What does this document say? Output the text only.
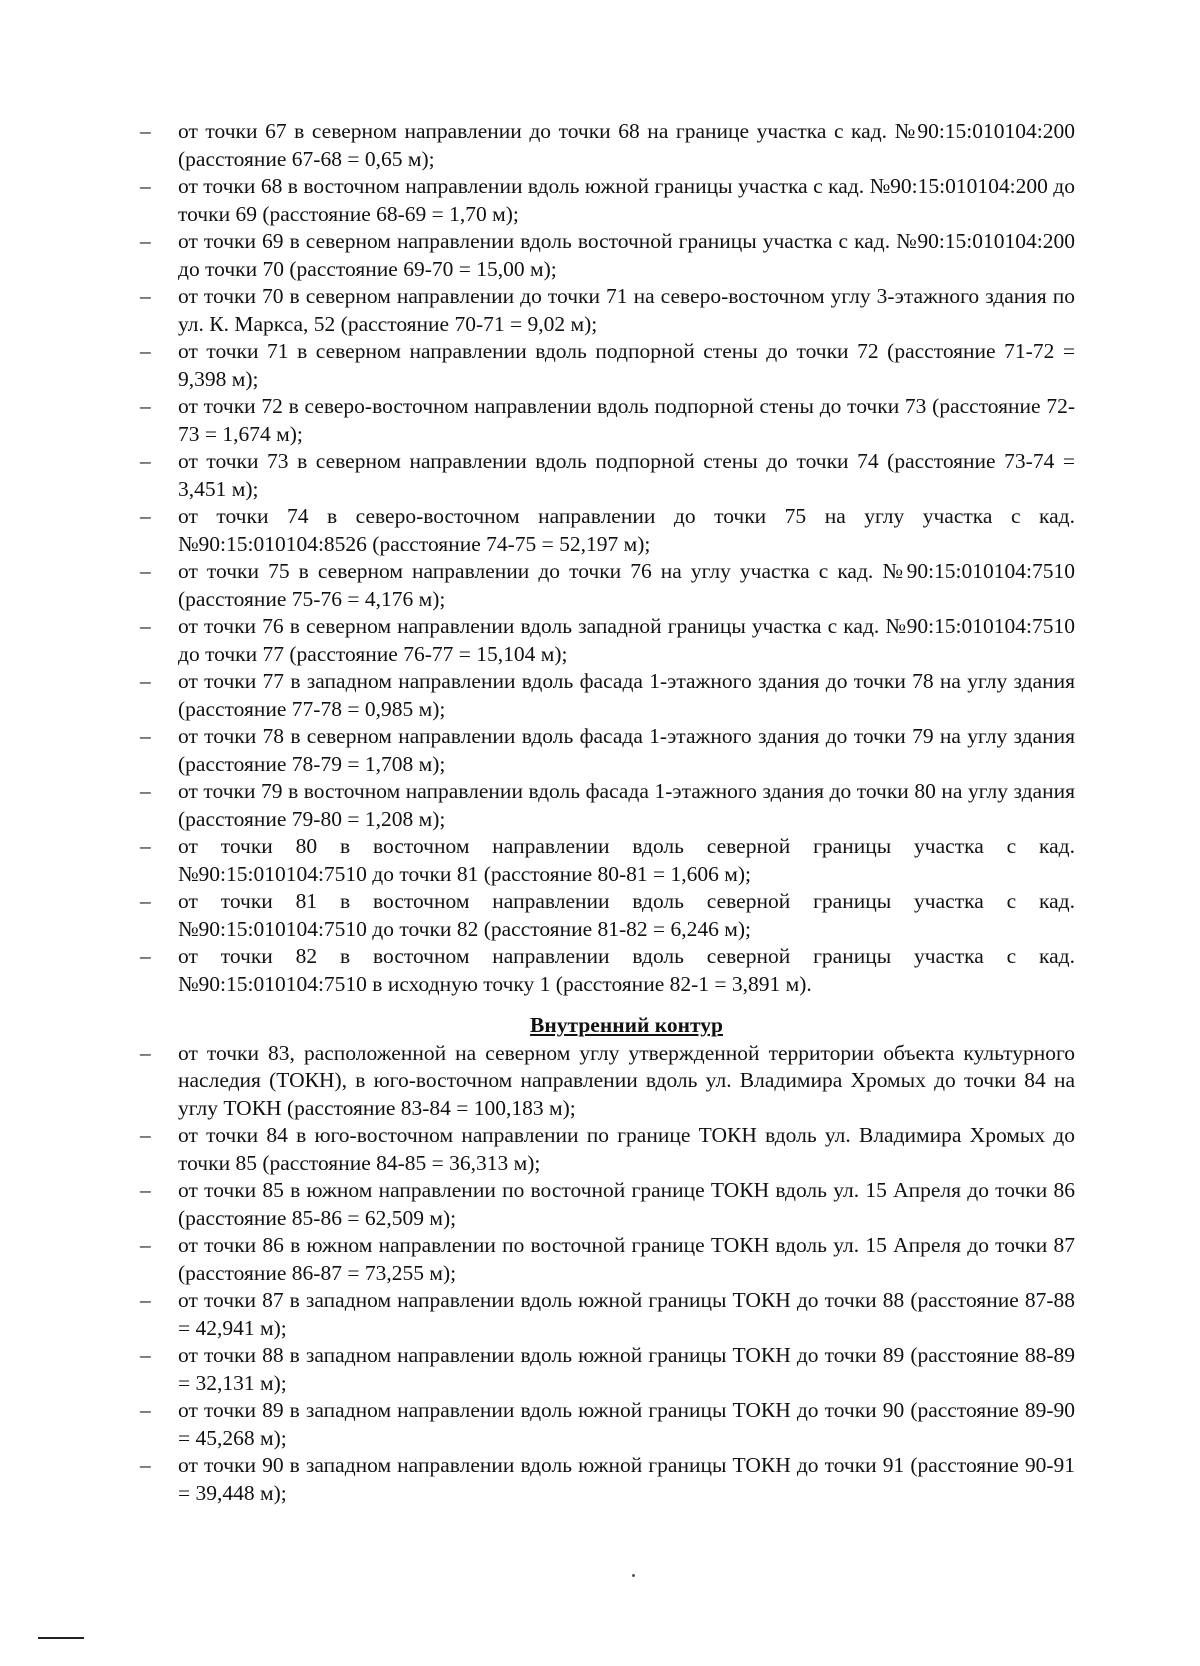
–	от точки 67 в северном направлении до точки 68 на границе участка с кад. №90:15:010104:200 (расстояние 67-68 = 0,65 м);
–	от точки 68 в восточном направлении вдоль южной границы участка с кад. №90:15:010104:200 до точки 69 (расстояние 68-69 = 1,70 м);
–	от точки 69 в северном направлении вдоль восточной границы участка с кад. №90:15:010104:200 до точки 70 (расстояние 69-70 = 15,00 м);
–	от точки 70 в северном направлении до точки 71 на северо-восточном углу 3-этажного здания по ул. К. Маркса, 52 (расстояние 70-71 = 9,02 м);
–	от точки 71 в северном направлении вдоль подпорной стены до точки 72 (расстояние 71-72 = 9,398 м);
–	от точки 72 в северо-восточном направлении вдоль подпорной стены до точки 73 (расстояние 72-73 = 1,674 м);
–	от точки 73 в северном направлении вдоль подпорной стены до точки 74 (расстояние 73-74 = 3,451 м);
–	от точки 74 в северо-восточном направлении до точки 75 на углу участка с кад. №90:15:010104:8526 (расстояние 74-75 = 52,197 м);
–	от точки 75 в северном направлении до точки 76 на углу участка с кад. №90:15:010104:7510 (расстояние 75-76 = 4,176 м);
–	от точки 76 в северном направлении вдоль западной границы участка с кад. №90:15:010104:7510 до точки 77 (расстояние 76-77 = 15,104 м);
–	от точки 77 в западном направлении вдоль фасада 1-этажного здания до точки 78 на углу здания (расстояние 77-78 = 0,985 м);
–	от точки 78 в северном направлении вдоль фасада 1-этажного здания до точки 79 на углу здания (расстояние 78-79 = 1,708 м);
–	от точки 79 в восточном направлении вдоль фасада 1-этажного здания до точки 80 на углу здания (расстояние 79-80 = 1,208 м);
–	от точки 80 в восточном направлении вдоль северной границы участка с кад. №90:15:010104:7510 до точки 81 (расстояние 80-81 = 1,606 м);
–	от точки 81 в восточном направлении вдоль северной границы участка с кад. №90:15:010104:7510 до точки 82 (расстояние 81-82 = 6,246 м);
–	от точки 82 в восточном направлении вдоль северной границы участка с кад. №90:15:010104:7510 в исходную точку 1 (расстояние 82-1 = 3,891 м).
Внутренний контур
–	от точки 83, расположенной на северном углу утвержденной территории объекта культурного наследия (ТОКН), в юго-восточном направлении вдоль ул. Владимира Хромых до точки 84 на углу ТОКН (расстояние 83-84 = 100,183 м);
–	от точки 84 в юго-восточном направлении по границе ТОКН вдоль ул. Владимира Хромых до точки 85 (расстояние 84-85 = 36,313 м);
–	от точки 85 в южном направлении по восточной границе ТОКН вдоль ул. 15 Апреля до точки 86 (расстояние 85-86 = 62,509 м);
–	от точки 86 в южном направлении по восточной границе ТОКН вдоль ул. 15 Апреля до точки 87 (расстояние 86-87 = 73,255 м);
–	от точки 87 в западном направлении вдоль южной границы ТОКН до точки 88 (расстояние 87-88 = 42,941 м);
–	от точки 88 в западном направлении вдоль южной границы ТОКН до точки 89 (расстояние 88-89 = 32,131 м);
–	от точки 89 в западном направлении вдоль южной границы ТОКН до точки 90 (расстояние 89-90 = 45,268 м);
–	от точки 90 в западном направлении вдоль южной границы ТОКН до точки 91 (расстояние 90-91 = 39,448 м);
